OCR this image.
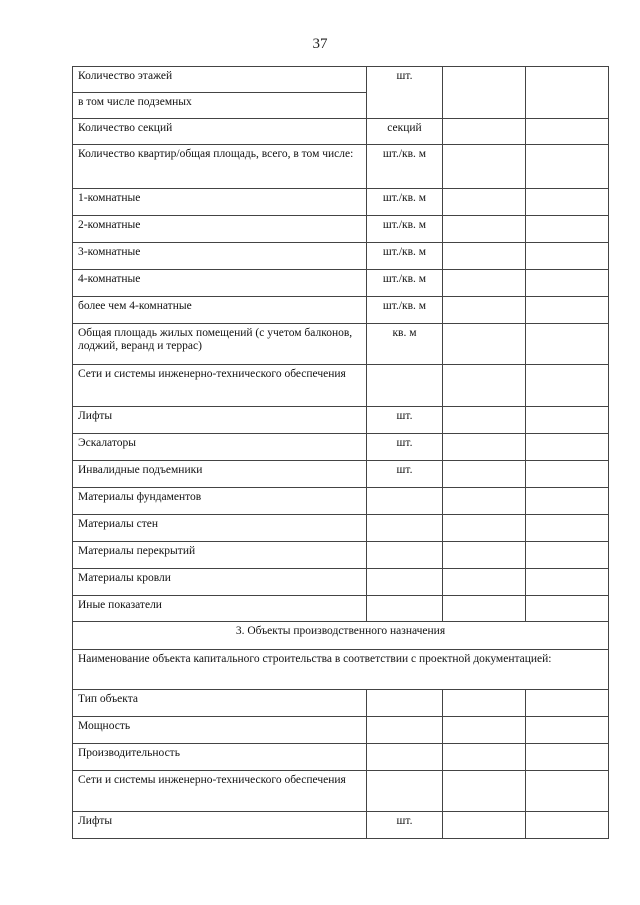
37
Количество этажей	шт.		
в том числе подземных			
Количество секций	секций		
Количество квартир/общая площадь, всего, в том числе:	шт./кв. м		
1-комнатные	шт./кв. м		
2-комнатные	шт./кв. м		
3-комнатные	шт./кв. м		
4-комнатные	шт./кв. м		
более чем 4-комнатные	шт./кв. м		
Общая площадь жилых помещений (с учетом балконов, лоджий, веранд и террас)	кв. м		
Сети и системы инженерно-технического обеспечения			
Лифты	шт.		
Эскалаторы	шт.		
Инвалидные подъемники	шт.		
Материалы фундаментов			
Материалы стен			
Материалы перекрытий			
Материалы кровли			
Иные показатели			
3. Объекты производственного назначения			
Наименование объекта капитального строительства в соответствии с проектной документацией:			
Тип объекта			
Мощность			
Производительность			
Сети и системы инженерно-технического обеспечения			
Лифты	шт.		
